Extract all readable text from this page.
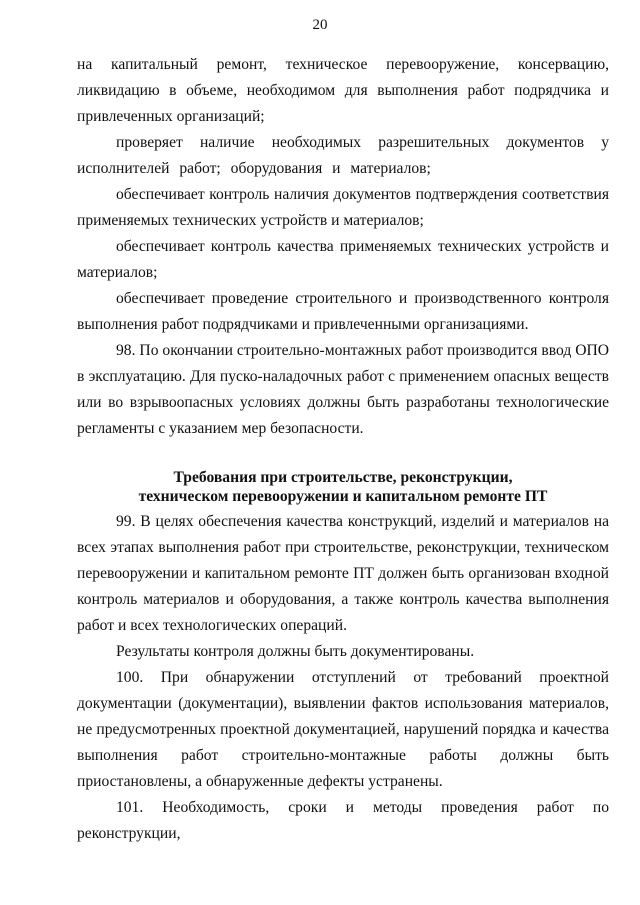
20

на капитальный ремонт, техническое перевооружение, консервацию, ликвидацию в объеме, необходимом для выполнения работ подрядчика и привлеченных организаций;

проверяет наличие необходимых разрешительных документов у исполнителей работ; оборудования и материалов;

обеспечивает контроль наличия документов подтверждения соответствия применяемых технических устройств и материалов;

обеспечивает контроль качества применяемых технических устройств и материалов;

обеспечивает проведение строительного и производственного контроля выполнения работ подрядчиками и привлеченными организациями.

98. По окончании строительно-монтажных работ производится ввод ОПО в эксплуатацию. Для пуско-наладочных работ с применением опасных веществ или во взрывоопасных условиях должны быть разработаны технологические регламенты с указанием мер безопасности.

Требования при строительстве, реконструкции,
техническом перевооружении и капитальном ремонте ПТ

99. В целях обеспечения качества конструкций, изделий и материалов на всех этапах выполнения работ при строительстве, реконструкции, техническом перевооружении и капитальном ремонте ПТ должен быть организован входной контроль материалов и оборудования, а также контроль качества выполнения работ и всех технологических операций.

Результаты контроля должны быть документированы.

100. При обнаружении отступлений от требований проектной документации (документации), выявлении фактов использования материалов, не предусмотренных проектной документацией, нарушений порядка и качества выполнения работ строительно-монтажные работы должны быть приостановлены, а обнаруженные дефекты устранены.

101. Необходимость, сроки и методы проведения работ по реконструкции,
